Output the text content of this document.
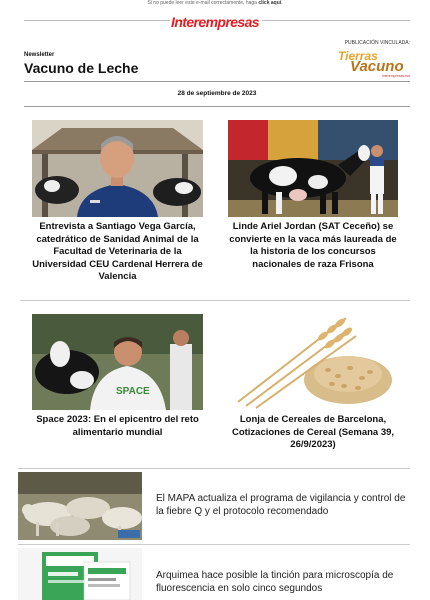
Si no puede leer este e-mail correctamente, haga click aquí.
Interempresas
Newsletter
Vacuno de Leche
PUBLICACIÓN VINCULADA:
Tierras
Vacuno
Interempresas.net
28 de septiembre de 2023
Entrevista a Santiago Vega García, catedrático de Sanidad Animal de la Facultad de Veterinaria de la Universidad CEU Cardenal Herrera de Valencia
Linde Ariel Jordan (SAT Ceceño) se convierte en la vaca más laureada de la historia de los concursos nacionales de raza Frisona
SPACE
Space 2023: En el epicentro del reto alimentario mundial
Lonja de Cereales de Barcelona, Cotizaciones de Cereal (Semana 39, 26/9/2023)
El MAPA actualiza el programa de vigilancia y control de la fiebre Q y el protocolo recomendado
Arquimea hace posible la tinción para microscopía de fluorescencia en solo cinco segundos
